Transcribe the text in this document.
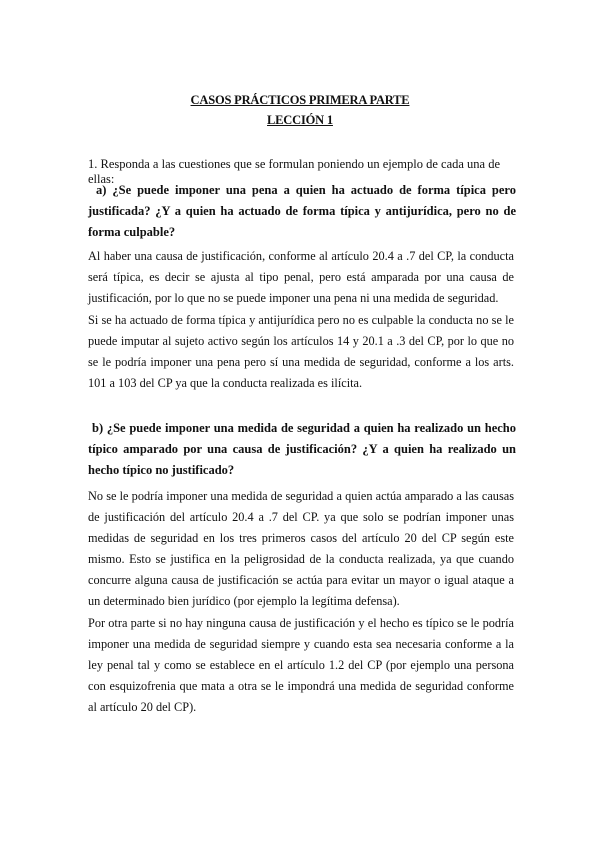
CASOS PRÁCTICOS PRIMERA PARTE
LECCIÓN 1
1. Responda a las cuestiones que se formulan poniendo un ejemplo de cada una de ellas:
a) ¿Se puede imponer una pena a quien ha actuado de forma típica pero justificada? ¿Y a quien ha actuado de forma típica y antijurídica, pero no de forma culpable?
Al haber una causa de justificación, conforme al artículo 20.4 a .7 del CP, la conducta será típica, es decir se ajusta al tipo penal, pero está amparada por una causa de justificación, por lo que no se puede imponer una pena ni una medida de seguridad.
Si se ha actuado de forma típica y antijurídica pero no es culpable la conducta no se le puede imputar al sujeto activo según los artículos 14 y 20.1 a .3 del CP, por lo que no se le podría imponer una pena pero sí una medida de seguridad, conforme a los arts. 101 a 103 del CP ya que la conducta realizada es ilícita.
b) ¿Se puede imponer una medida de seguridad a quien ha realizado un hecho típico amparado por una causa de justificación? ¿Y a quien ha realizado un hecho típico no justificado?
No se le podría imponer una medida de seguridad a quien actúa amparado a las causas de justificación del artículo 20.4 a .7 del CP. ya que solo se podrían imponer unas medidas de seguridad en los tres primeros casos del artículo 20 del CP según este mismo. Esto se justifica en la peligrosidad de la conducta realizada, ya que cuando concurre alguna causa de justificación se actúa para evitar un mayor o igual ataque a un determinado bien jurídico (por ejemplo la legítima defensa).
Por otra parte si no hay ninguna causa de justificación y el hecho es típico se le podría imponer una medida de seguridad siempre y cuando esta sea necesaria conforme a la ley penal tal y como se establece en el artículo 1.2 del CP (por ejemplo una persona con esquizofrenia que mata a otra se le impondrá una medida de seguridad conforme al artículo 20 del CP).
